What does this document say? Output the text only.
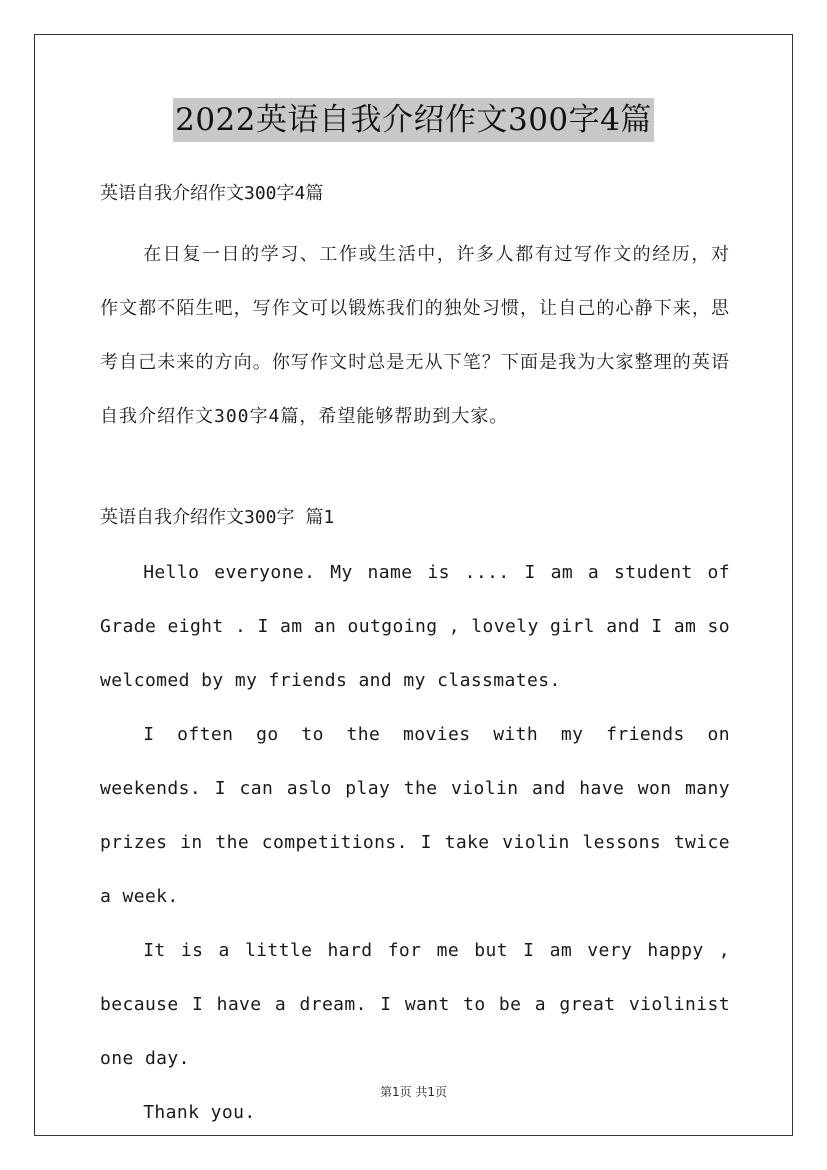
2022英语自我介绍作文300字4篇
英语自我介绍作文300字4篇
在日复一日的学习、工作或生活中，许多人都有过写作文的经历，对作文都不陌生吧，写作文可以锻炼我们的独处习惯，让自己的心静下来，思考自己未来的方向。你写作文时总是无从下笔？下面是我为大家整理的英语自我介绍作文300字4篇，希望能够帮助到大家。
英语自我介绍作文300字 篇1

Hello everyone. My name is .... I am a student of Grade eight . I am an outgoing , lovely girl and I am so welcomed by my friends and my classmates.

I often go to the movies with my friends on weekends. I can aslo play the violin and have won many prizes in the competitions. I take violin lessons twice a week.

It is a little hard for me but I am very happy , because I have a dream. I want to be a great violinist one day.

Thank you.

第1页 共1页
